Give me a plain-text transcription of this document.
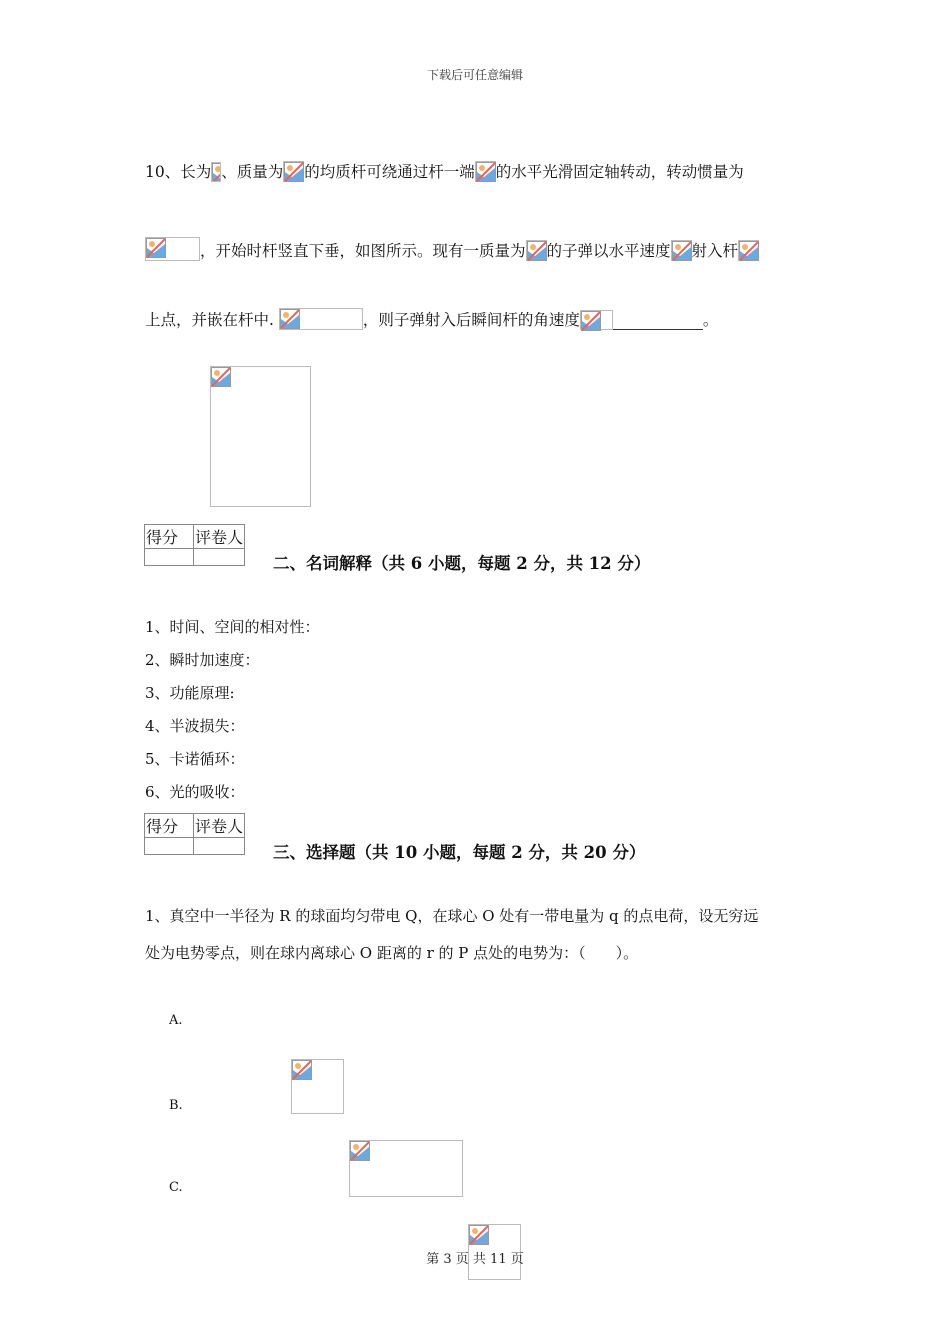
下载后可任意编辑
10、长为 、质量为 的均质杆可绕通过杆一端 的水平光滑固定轴转动，转动惯量为
，开始时杆竖直下垂，如图所示。现有一质量为 的子弹以水平速度 射入杆
上点，并嵌在杆中.	，则子弹射入后瞬间杆的角速度	。

得分	评卷人

二、名词解释（共 6 小题，每题 2 分，共 12 分）
1、时间、空间的相对性：
2、瞬时加速度：
3、功能原理:
4、半波损失：
5、卡诺循环：
6、光的吸收：
得分	评卷人

三、选择题（共 10 小题，每题 2 分，共 20 分）
1、真空中一半径为 R 的球面均匀带电 Q，在球心 O 处有一带电量为 q 的点电荷，设无穷远
处为电势零点，则在球内离球心 O 距离的 r 的 P 点处的电势为：（　　）。
A.

B.

C.
第 3 页 共 11 页
